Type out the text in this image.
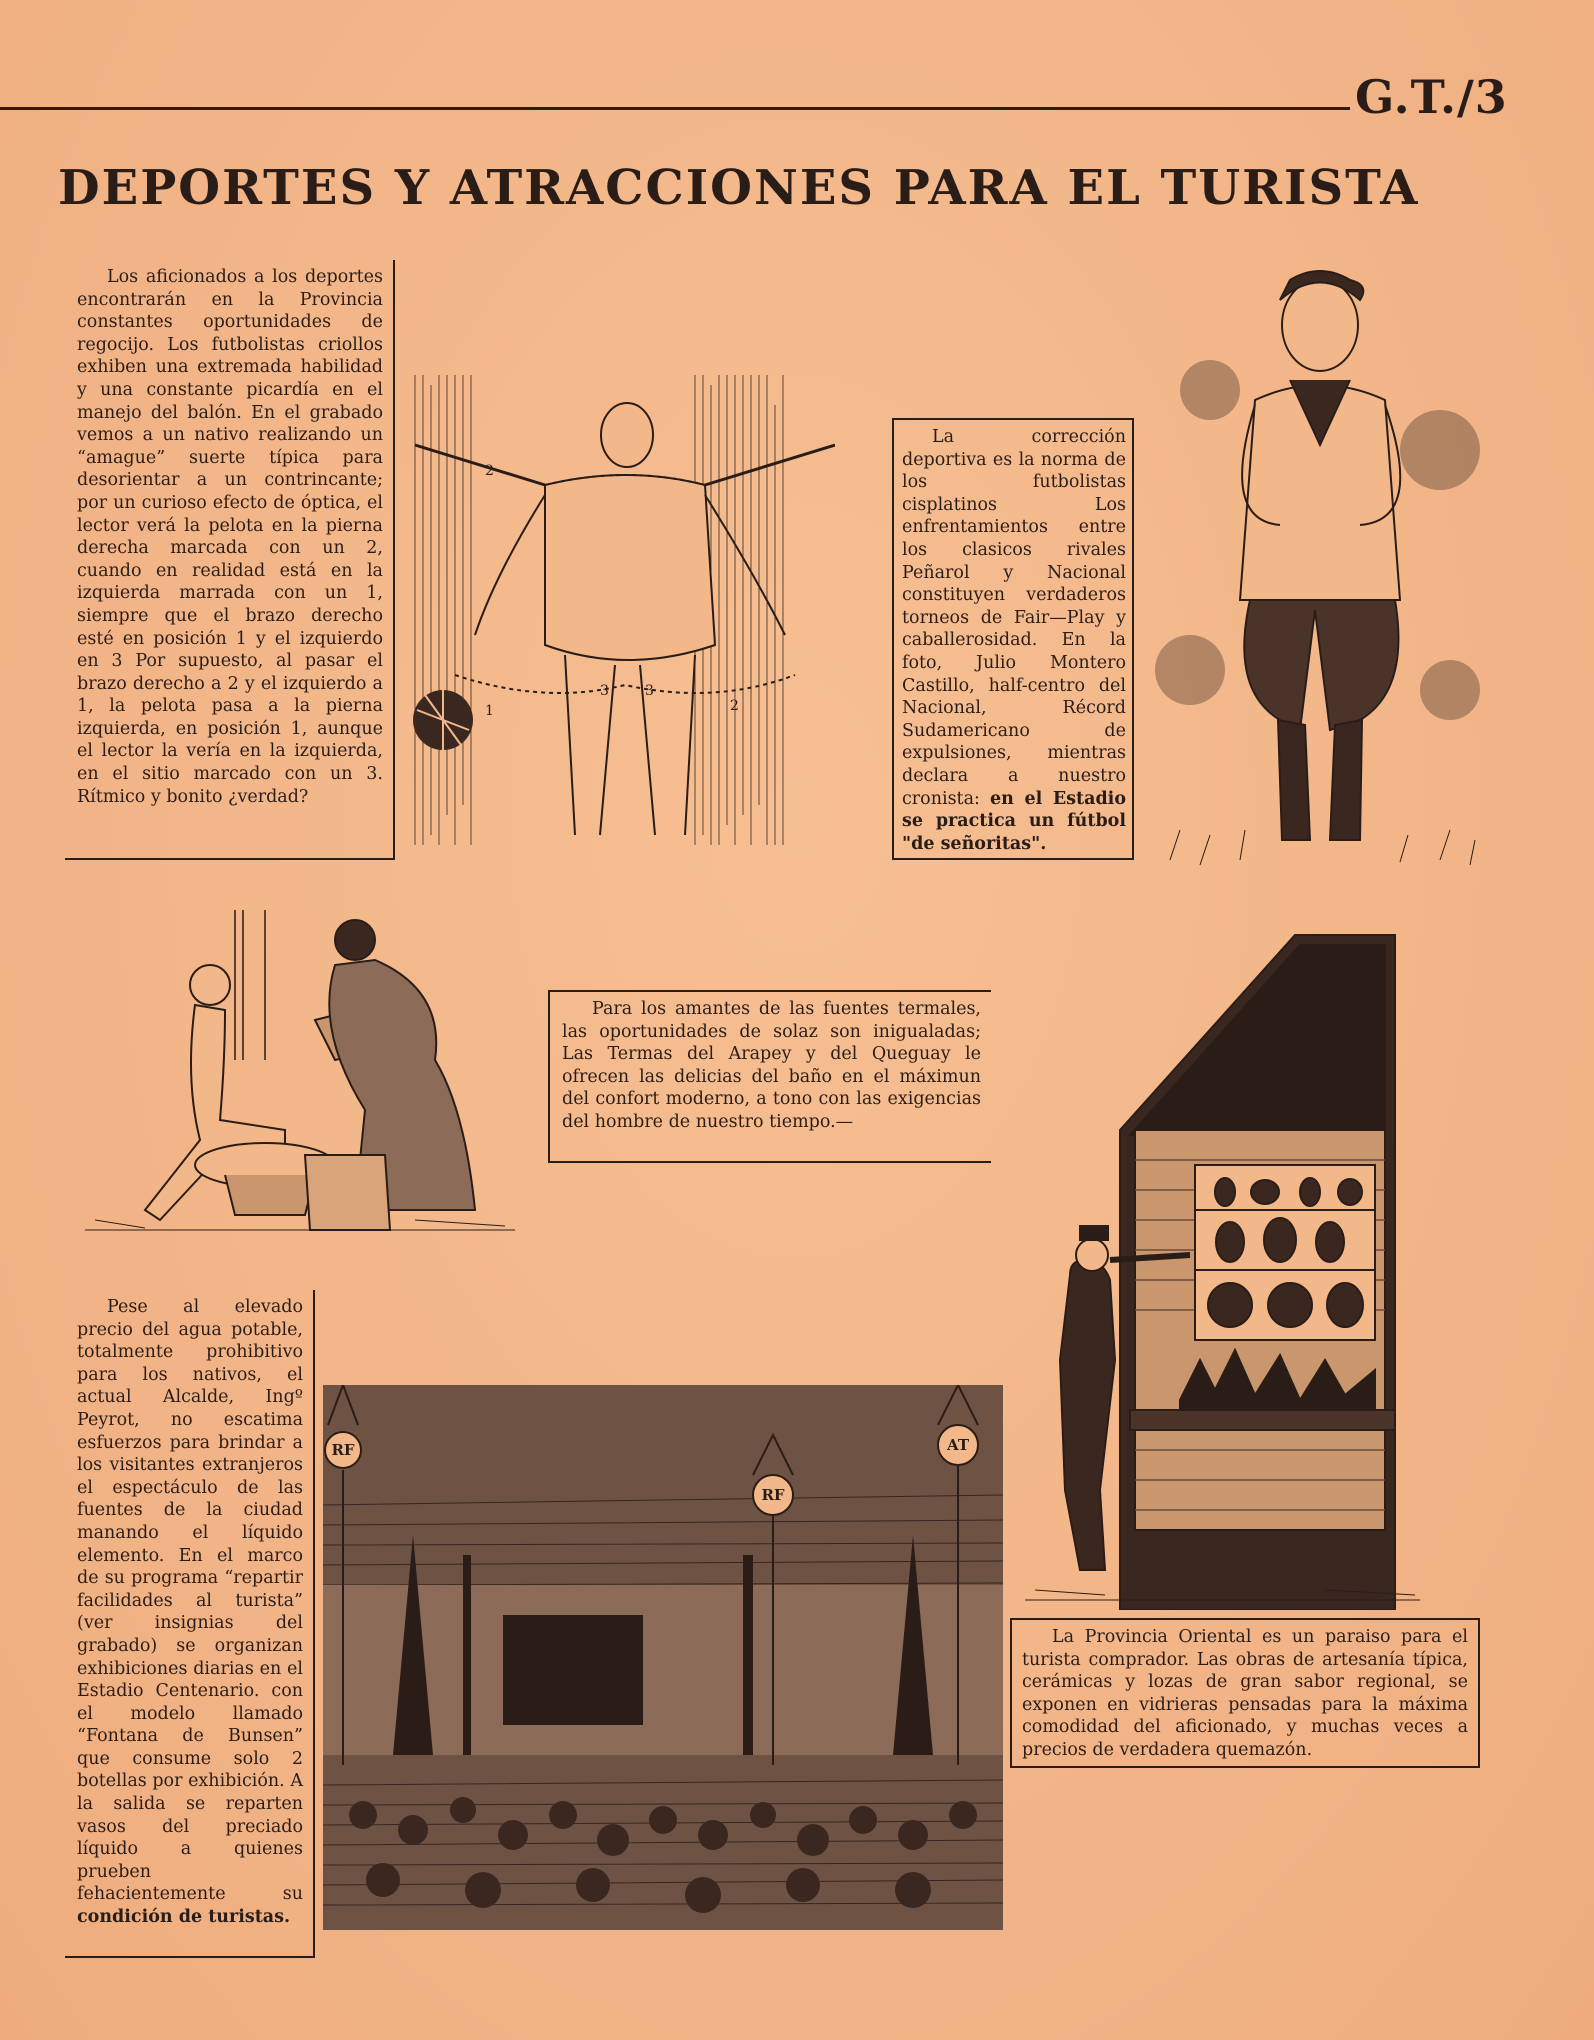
G.T./3
DEPORTES Y ATRACCIONES PARA EL TURISTA

Los aficionados a los deportes encontrarán en la Provincia constantes oportunidades de regocijo. Los futbolistas criollos exhiben una extremada habilidad y una constante picardía en el manejo del balón. En el grabado vemos a un nativo realizando un “amague” suerte típica para desorientar a un contrincante; por un curioso efecto de óptica, el lector verá la pelota en la pierna derecha marcada con un 2, cuando en realidad está en la izquierda marrada con un 1, siempre que el brazo derecho esté en posición 1 y el izquierdo en 3 Por supuesto, al pasar el brazo derecho a 2 y el izquierdo a 1, la pelota pasa a la pierna izquierda, en posición 1, aunque el lector la vería en la izquierda, en el sitio marcado con un 3. Rítmico y bonito ¿verdad?

1
3	3
2
2

La corrección deportiva es la norma de los futbolistas cisplatinos Los enfrentamientos entre los clasicos rivales Peñarol y Nacional constituyen verdaderos torneos de Fair—Play y caballerosidad. En la foto, Julio Montero Castillo, half-centro del Nacional, Récord Sudamericano de expulsiones, mientras declara a nuestro cronista: en el Estadio se practica un fútbol "de señoritas".

Para los amantes de las fuentes termales, las oportunidades de solaz son inigualadas; Las Termas del Arapey y del Queguay le ofrecen las delicias del baño en el máximun del confort moderno, a tono con las exigencias del hombre de nuestro tiempo.—

La Provincia Oriental es un paraiso para el turista comprador. Las obras de artesanía típica, cerámicas y lozas de gran sabor regional, se exponen en vidrieras pensadas para la máxima comodidad del aficionado, y muchas veces a precios de verdadera quemazón.

Pese al elevado precio del agua potable, totalmente prohibitivo para los nativos, el actual Alcalde, Ingº Peyrot, no escatima esfuerzos para brindar a los visitantes extranjeros el espectáculo de las fuentes de la ciudad manando el líquido elemento. En el marco de su programa “repartir facilidades al turista” (ver insignias del grabado) se organizan exhibiciones diarias en el Estadio Centenario. con el modelo llamado “Fontana de Bunsen” que consume solo 2 botellas por exhibición. A la salida se reparten vasos del preciado líquido a quienes prueben fehacientemente su condición de turistas.

RF
RF
AT
